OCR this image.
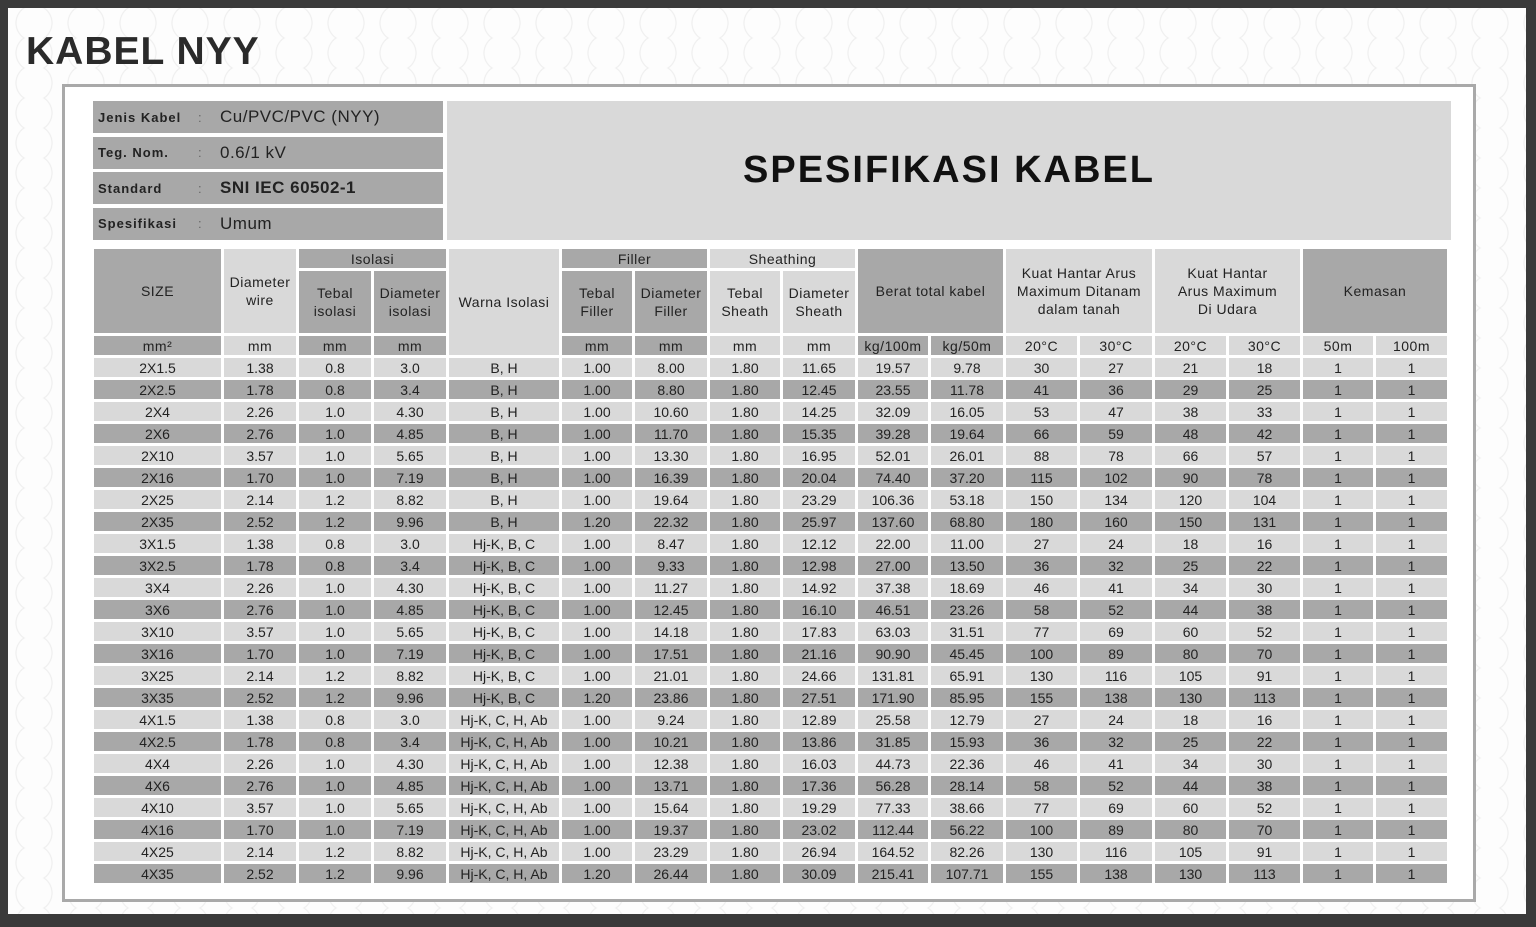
KABEL NYY
Jenis Kabel	:	Cu/PVC/PVC (NYY)
Teg. Nom.	:	0.6/1 kV
Standard	:	SNI IEC 60502-1
Spesifikasi	:	Umum
SPESIFIKASI KABEL
SIZE	Diameter wire	Isolasi		Warna Isolasi	Filler		Sheathing		Berat total kabel		Kuat Hantar Arus Maximum Ditanam dalam tanah		Kuat Hantar Arus Maximum Di Udara		Kemasan	
		Tebal isolasi	Diameter isolasi		Tebal Filler	Diameter Filler	Tebal Sheath	Diameter Sheath								
mm²	mm	mm	mm		mm	mm	mm	mm	kg/100m	kg/50m	20°C	30°C	20°C	30°C	50m	100m
2X1.5	1.38	0.8	3.0	B, H	1.00	8.00	1.80	11.65	19.57	9.78	30	27	21	18	1	1
2X2.5	1.78	0.8	3.4	B, H	1.00	8.80	1.80	12.45	23.55	11.78	41	36	29	25	1	1
2X4	2.26	1.0	4.30	B, H	1.00	10.60	1.80	14.25	32.09	16.05	53	47	38	33	1	1
2X6	2.76	1.0	4.85	B, H	1.00	11.70	1.80	15.35	39.28	19.64	66	59	48	42	1	1
2X10	3.57	1.0	5.65	B, H	1.00	13.30	1.80	16.95	52.01	26.01	88	78	66	57	1	1
2X16	1.70	1.0	7.19	B, H	1.00	16.39	1.80	20.04	74.40	37.20	115	102	90	78	1	1
2X25	2.14	1.2	8.82	B, H	1.00	19.64	1.80	23.29	106.36	53.18	150	134	120	104	1	1
2X35	2.52	1.2	9.96	B, H	1.20	22.32	1.80	25.97	137.60	68.80	180	160	150	131	1	1
3X1.5	1.38	0.8	3.0	Hj-K, B, C	1.00	8.47	1.80	12.12	22.00	11.00	27	24	18	16	1	1
3X2.5	1.78	0.8	3.4	Hj-K, B, C	1.00	9.33	1.80	12.98	27.00	13.50	36	32	25	22	1	1
3X4	2.26	1.0	4.30	Hj-K, B, C	1.00	11.27	1.80	14.92	37.38	18.69	46	41	34	30	1	1
3X6	2.76	1.0	4.85	Hj-K, B, C	1.00	12.45	1.80	16.10	46.51	23.26	58	52	44	38	1	1
3X10	3.57	1.0	5.65	Hj-K, B, C	1.00	14.18	1.80	17.83	63.03	31.51	77	69	60	52	1	1
3X16	1.70	1.0	7.19	Hj-K, B, C	1.00	17.51	1.80	21.16	90.90	45.45	100	89	80	70	1	1
3X25	2.14	1.2	8.82	Hj-K, B, C	1.00	21.01	1.80	24.66	131.81	65.91	130	116	105	91	1	1
3X35	2.52	1.2	9.96	Hj-K, B, C	1.20	23.86	1.80	27.51	171.90	85.95	155	138	130	113	1	1
4X1.5	1.38	0.8	3.0	Hj-K, C, H, Ab	1.00	9.24	1.80	12.89	25.58	12.79	27	24	18	16	1	1
4X2.5	1.78	0.8	3.4	Hj-K, C, H, Ab	1.00	10.21	1.80	13.86	31.85	15.93	36	32	25	22	1	1
4X4	2.26	1.0	4.30	Hj-K, C, H, Ab	1.00	12.38	1.80	16.03	44.73	22.36	46	41	34	30	1	1
4X6	2.76	1.0	4.85	Hj-K, C, H, Ab	1.00	13.71	1.80	17.36	56.28	28.14	58	52	44	38	1	1
4X10	3.57	1.0	5.65	Hj-K, C, H, Ab	1.00	15.64	1.80	19.29	77.33	38.66	77	69	60	52	1	1
4X16	1.70	1.0	7.19	Hj-K, C, H, Ab	1.00	19.37	1.80	23.02	112.44	56.22	100	89	80	70	1	1
4X25	2.14	1.2	8.82	Hj-K, C, H, Ab	1.00	23.29	1.80	26.94	164.52	82.26	130	116	105	91	1	1
4X35	2.52	1.2	9.96	Hj-K, C, H, Ab	1.20	26.44	1.80	30.09	215.41	107.71	155	138	130	113	1	1
